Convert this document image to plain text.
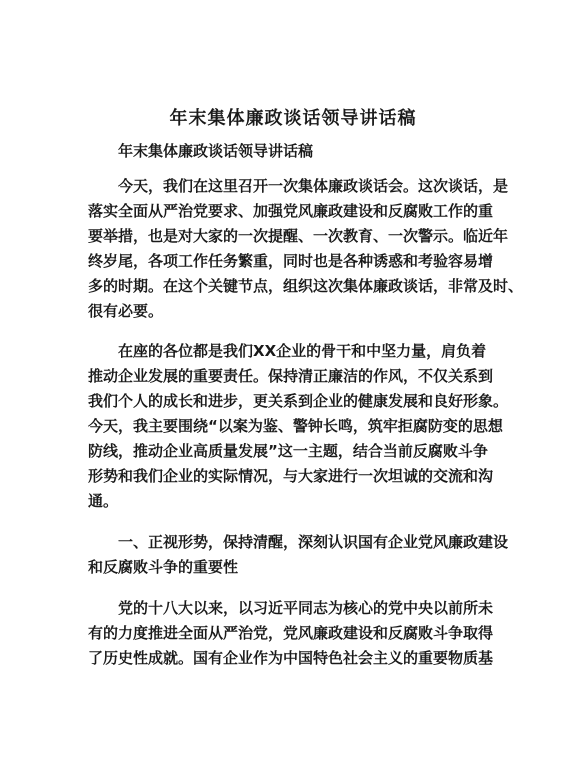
年末集体廉政谈话领导讲话稿
年末集体廉政谈话领导讲话稿
今天，我们在这里召开一次集体廉政谈话会。这次谈话，是
落实全面从严治党要求、加强党风廉政建设和反腐败工作的重
要举措，也是对大家的一次提醒、一次教育、一次警示。临近年
终岁尾，各项工作任务繁重，同时也是各种诱惑和考验容易增
多的时期。在这个关键节点，组织这次集体廉政谈话，非常及时、
很有必要。
在座的各位都是我们XX企业的骨干和中坚力量，肩负着
推动企业发展的重要责任。保持清正廉洁的作风，不仅关系到
我们个人的成长和进步，更关系到企业的健康发展和良好形象。
今天，我主要围绕“以案为鉴、警钟长鸣，筑牢拒腐防变的思想
防线，推动企业高质量发展”这一主题，结合当前反腐败斗争
形势和我们企业的实际情况，与大家进行一次坦诚的交流和沟
通。
一、正视形势，保持清醒，深刻认识国有企业党风廉政建设
和反腐败斗争的重要性
党的十八大以来，以习近平同志为核心的党中央以前所未
有的力度推进全面从严治党，党风廉政建设和反腐败斗争取得
了历史性成就。国有企业作为中国特色社会主义的重要物质基
